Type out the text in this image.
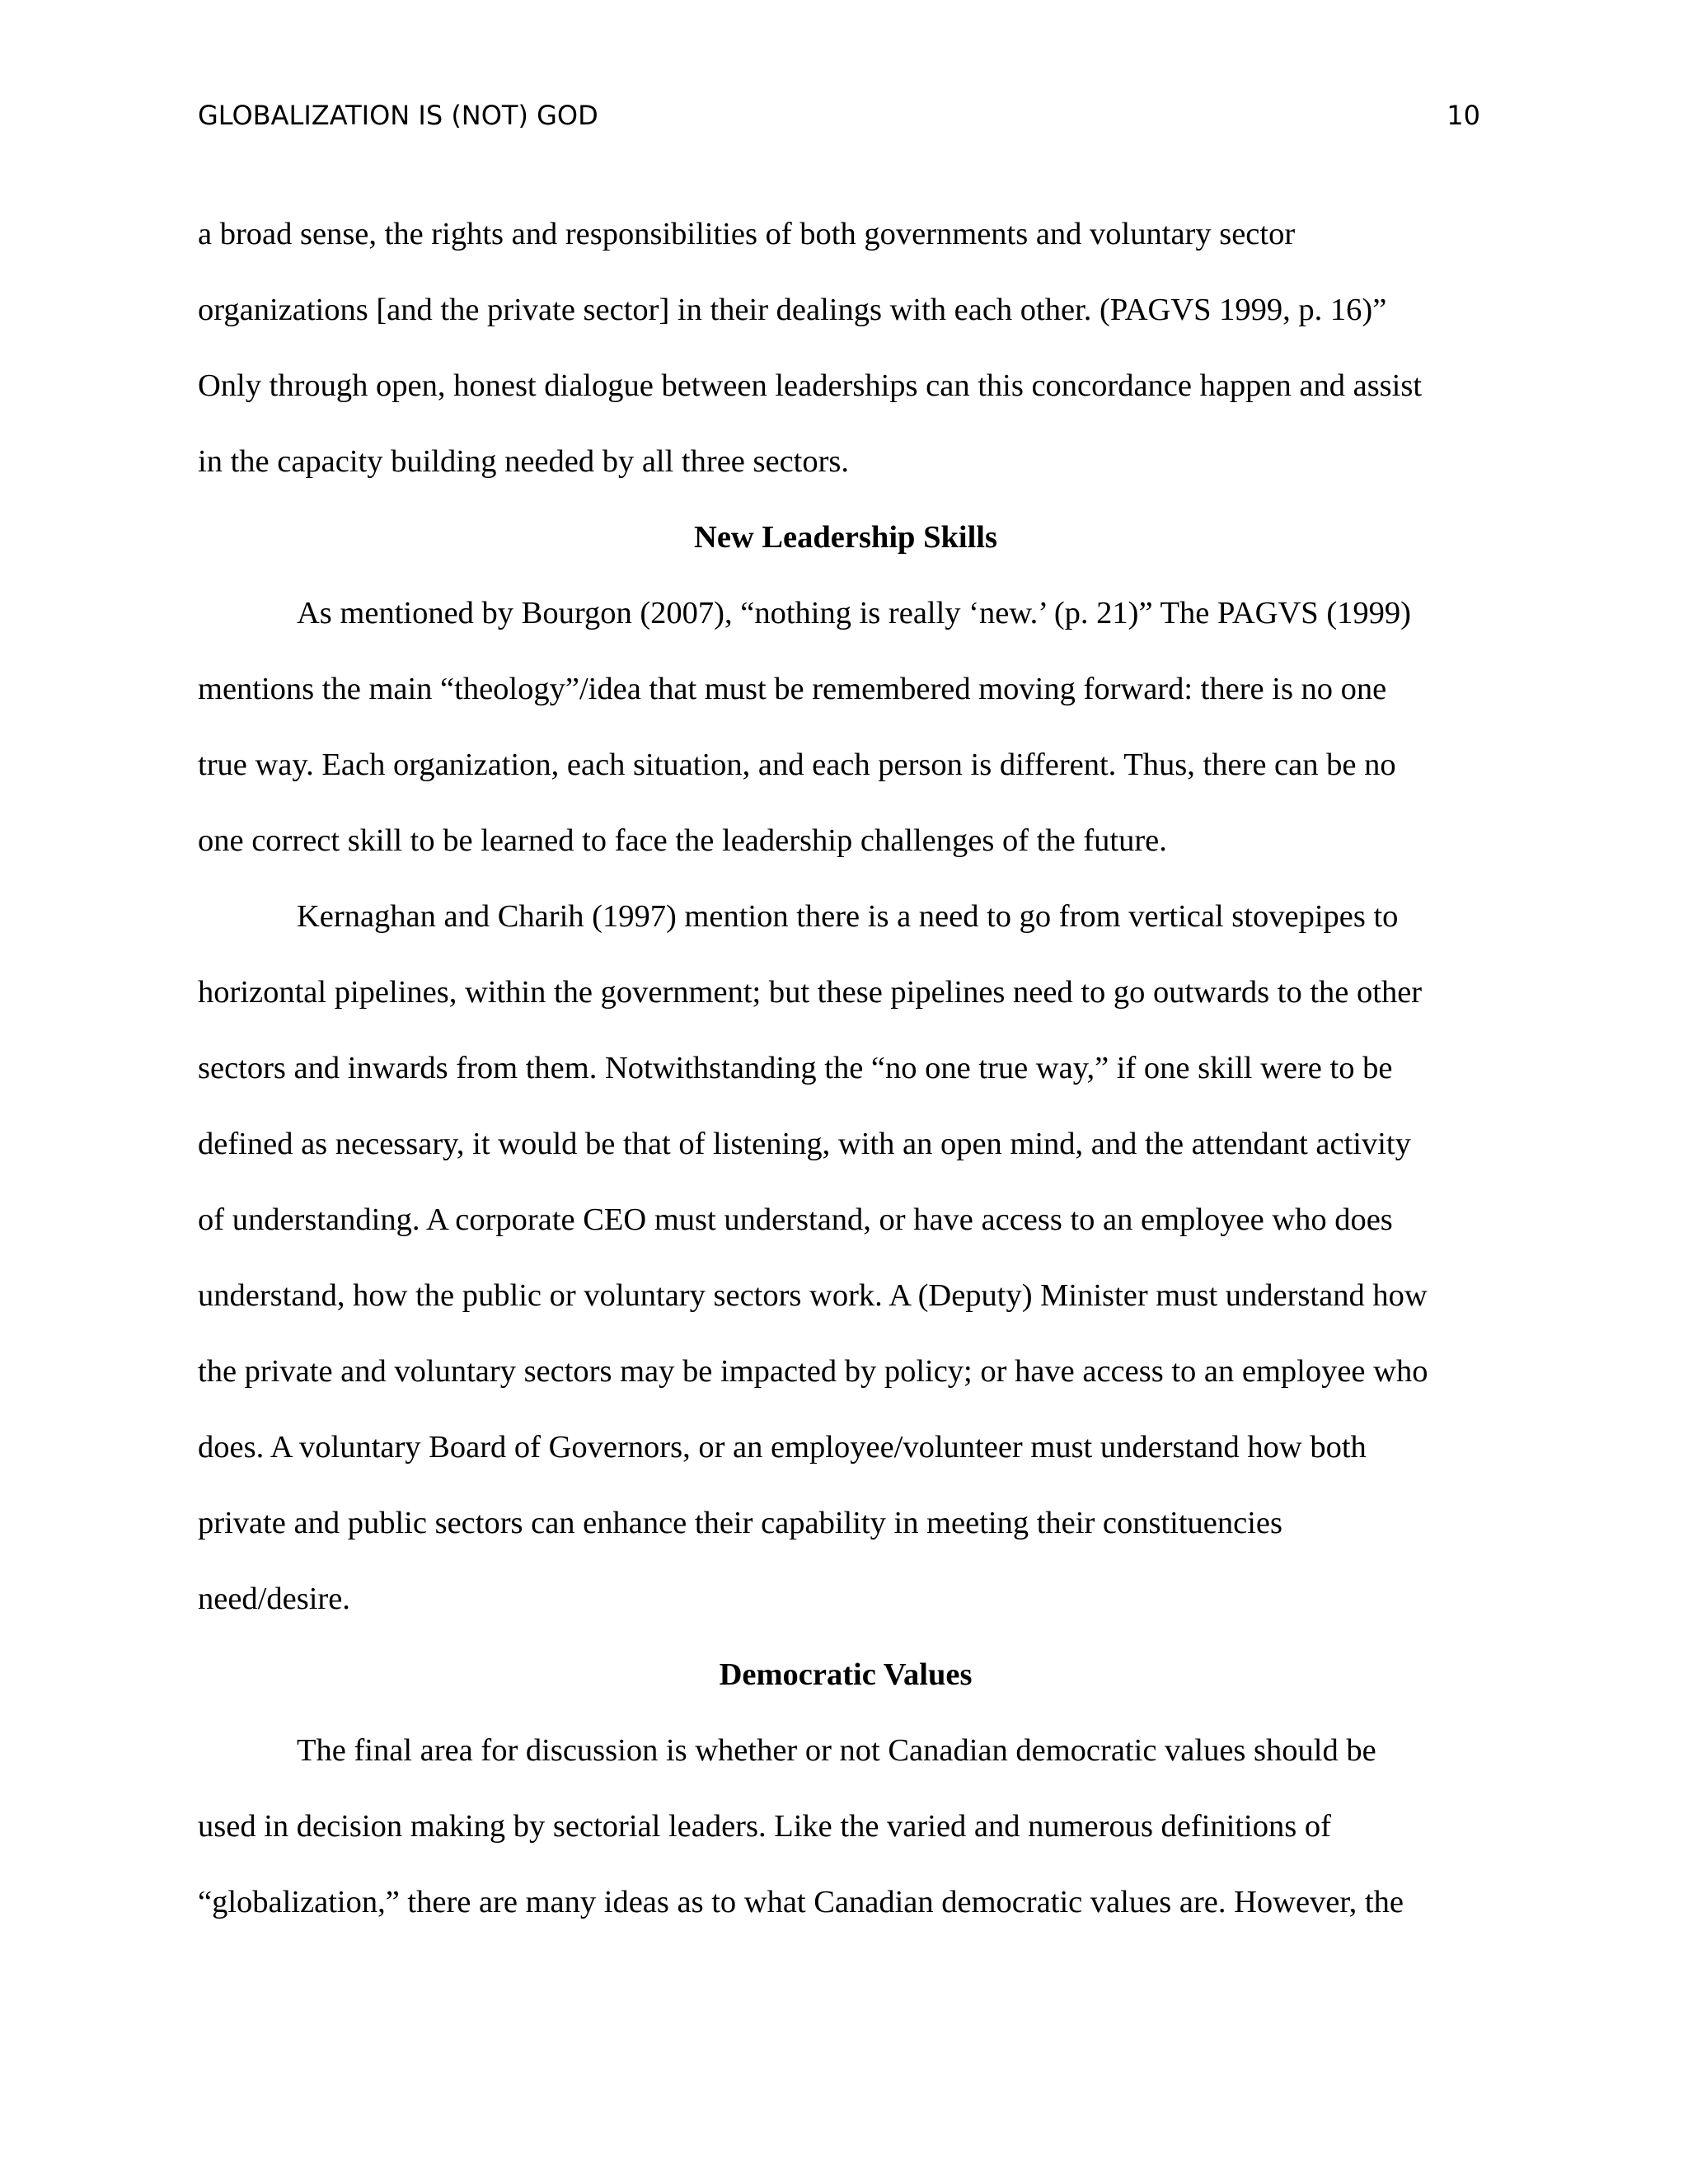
GLOBALIZATION IS (NOT) GOD	10

a broad sense, the rights and responsibilities of both governments and voluntary sector
organizations [and the private sector] in their dealings with each other. (PAGVS 1999, p. 16)”
Only through open, honest dialogue between leaderships can this concordance happen and assist
in the capacity building needed by all three sectors.

New Leadership Skills

As mentioned by Bourgon (2007), “nothing is really ‘new.’ (p. 21)” The PAGVS (1999)

mentions the main “theology”/idea that must be remembered moving forward: there is no one
true way. Each organization, each situation, and each person is different. Thus, there can be no
one correct skill to be learned to face the leadership challenges of the future.

Kernaghan and Charih (1997) mention there is a need to go from vertical stovepipes to

horizontal pipelines, within the government; but these pipelines need to go outwards to the other
sectors and inwards from them. Notwithstanding the “no one true way,” if one skill were to be
defined as necessary, it would be that of listening, with an open mind, and the attendant activity
of understanding. A corporate CEO must understand, or have access to an employee who does
understand, how the public or voluntary sectors work. A (Deputy) Minister must understand how
the private and voluntary sectors may be impacted by policy; or have access to an employee who
does. A voluntary Board of Governors, or an employee/volunteer must understand how both
private and public sectors can enhance their capability in meeting their constituencies
need/desire.

Democratic Values

The final area for discussion is whether or not Canadian democratic values should be

used in decision making by sectorial leaders. Like the varied and numerous definitions of
“globalization,” there are many ideas as to what Canadian democratic values are. However, the
